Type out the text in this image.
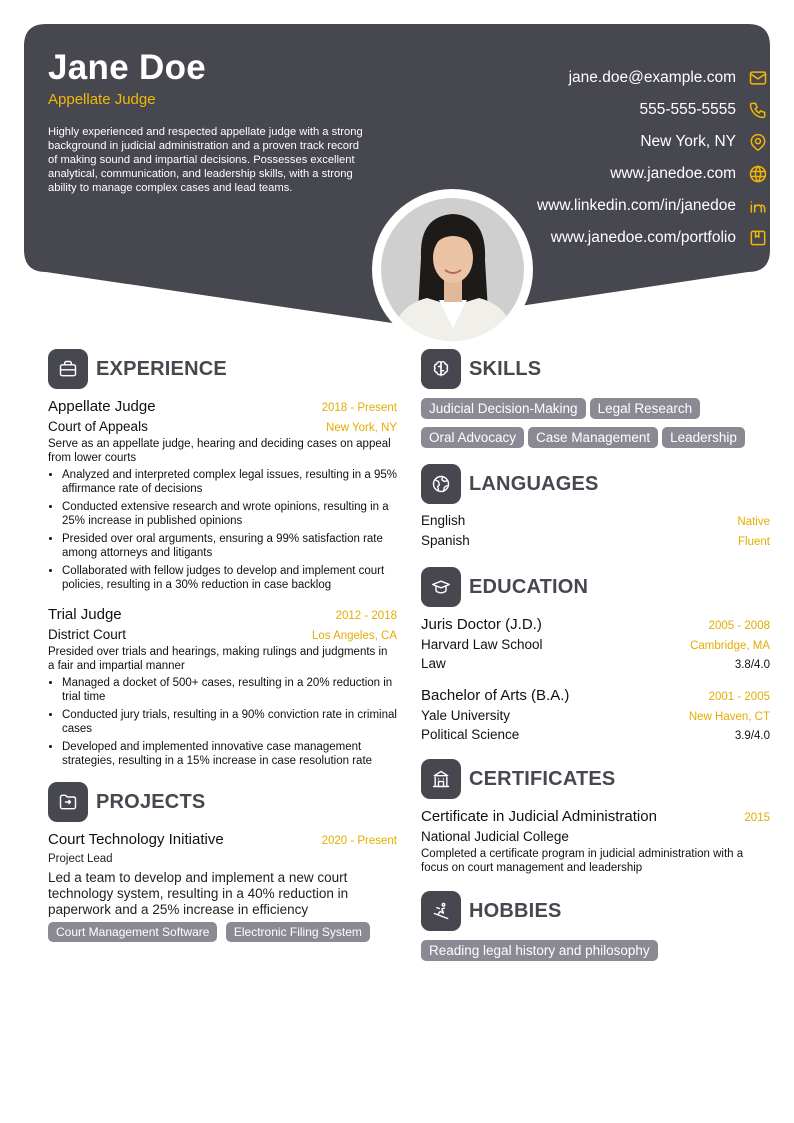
Jane Doe
Appellate Judge
Highly experienced and respected appellate judge with a strong background in judicial administration and a proven track record of making sound and impartial decisions. Possesses excellent analytical, communication, and leadership skills, with a strong ability to manage complex cases and lead teams.
jane.doe@example.com
555-555-5555
New York, NY
www.janedoe.com
www.linkedin.com/in/janedoe
www.janedoe.com/portfolio
EXPERIENCE
Appellate Judge	2018 - Present
Court of Appeals	New York, NY
Serve as an appellate judge, hearing and deciding cases on appeal from lower courts
• Analyzed and interpreted complex legal issues, resulting in a 95% affirmance rate of decisions
• Conducted extensive research and wrote opinions, resulting in a 25% increase in published opinions
• Presided over oral arguments, ensuring a 99% satisfaction rate among attorneys and litigants
• Collaborated with fellow judges to develop and implement court policies, resulting in a 30% reduction in case backlog
Trial Judge	2012 - 2018
District Court	Los Angeles, CA
Presided over trials and hearings, making rulings and judgments in a fair and impartial manner
• Managed a docket of 500+ cases, resulting in a 20% reduction in trial time
• Conducted jury trials, resulting in a 90% conviction rate in criminal cases
• Developed and implemented innovative case management strategies, resulting in a 15% increase in case resolution rate
PROJECTS
Court Technology Initiative	2020 - Present
Project Lead
Led a team to develop and implement a new court technology system, resulting in a 40% reduction in paperwork and a 25% increase in efficiency
Court Management Software Electronic Filing System
SKILLS
Judicial Decision-Making Legal Research
Oral Advocacy Case Management Leadership
LANGUAGES
English	Native
Spanish	Fluent
EDUCATION
Juris Doctor (J.D.)	2005 - 2008
Harvard Law School	Cambridge, MA
Law	3.8/4.0
Bachelor of Arts (B.A.)	2001 - 2005
Yale University	New Haven, CT
Political Science	3.9/4.0
CERTIFICATES
Certificate in Judicial Administration	2015
National Judicial College
Completed a certificate program in judicial administration with a focus on court management and leadership
HOBBIES
Reading legal history and philosophy
